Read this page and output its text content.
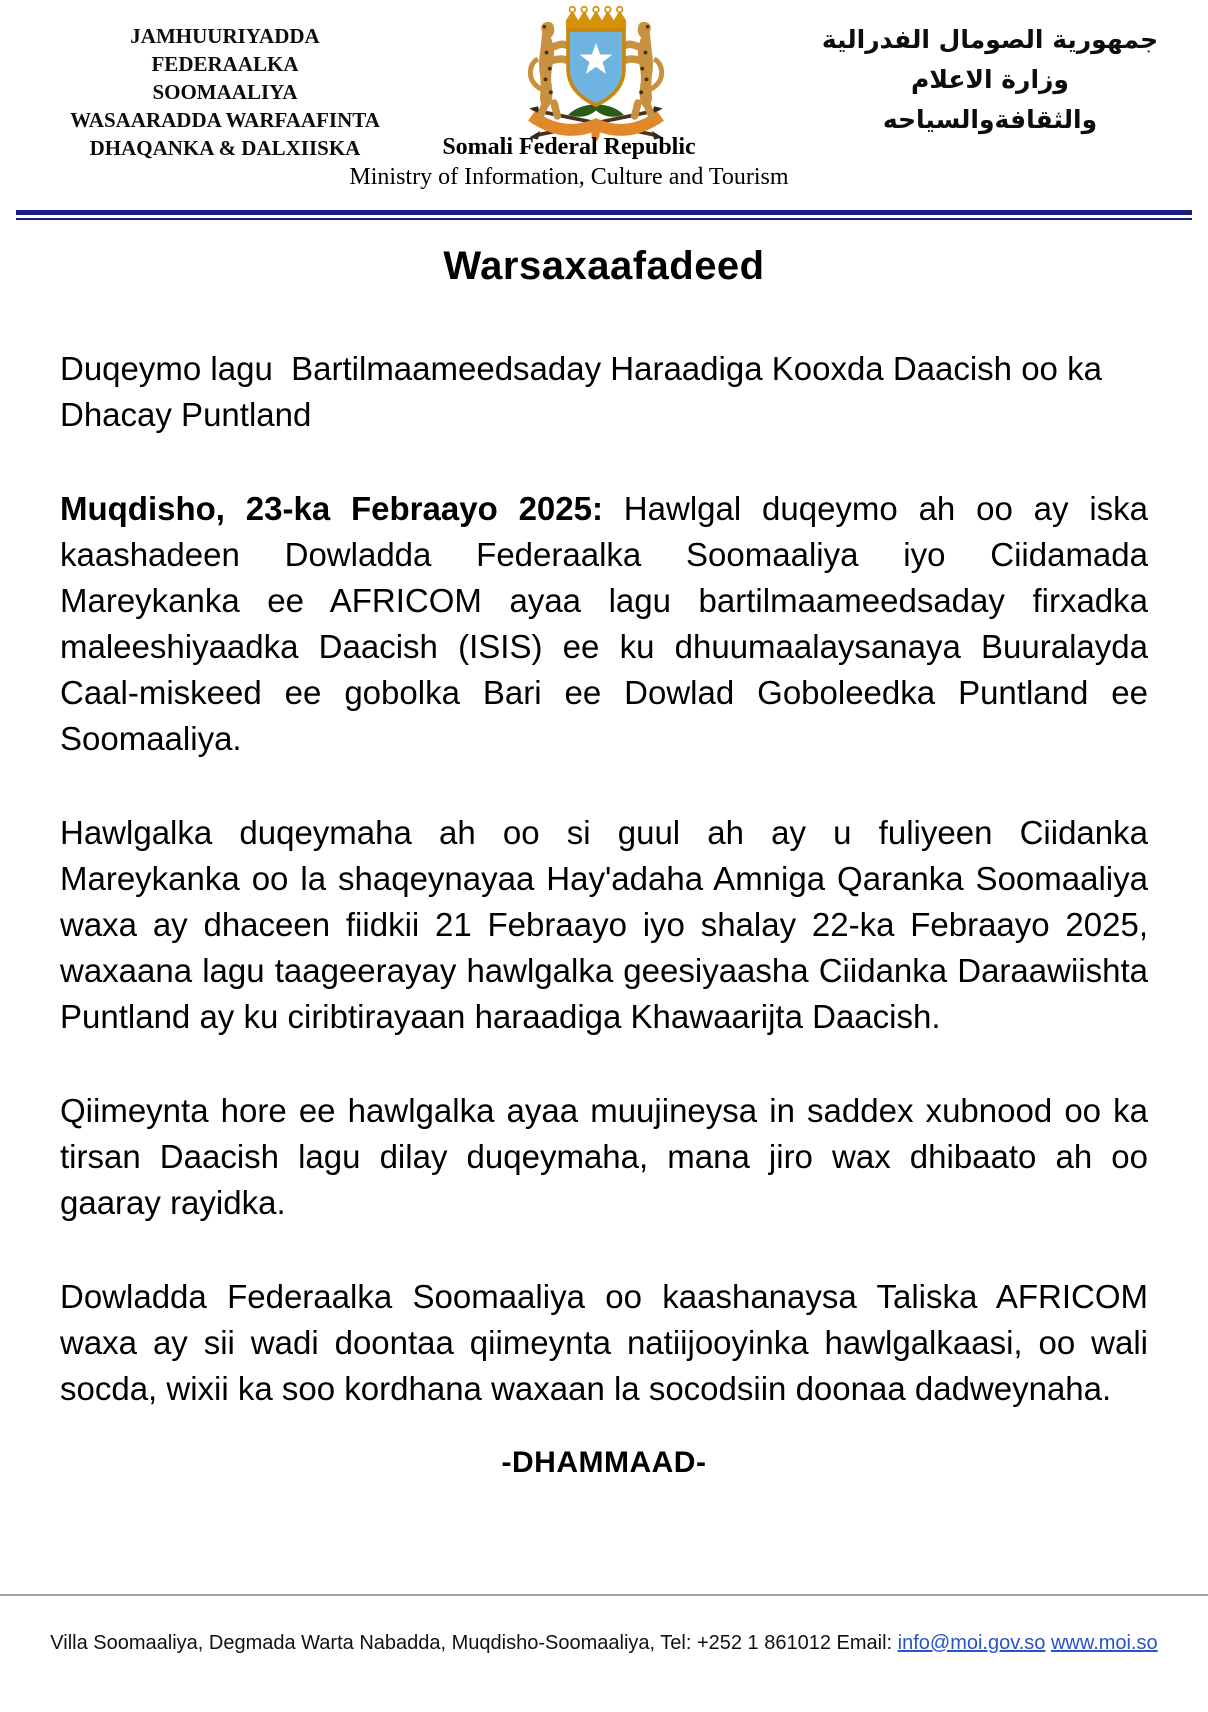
JAMHUURIYADDA FEDERAALKA
SOOMAALIYA
WASAARADDA WARFAAFINTA
DHAQANKA & DALXIISKA	Somali Federal Republic
Ministry of Information, Culture and Tourism
جمهورية الصومال الفدرالية
وزارة الاعلام
والثقافةوالسياحه
Warsaxaafadeed
Duqeymo lagu  Bartilmaameedsaday Haraadiga Kooxda Daacish oo ka Dhacay Puntland

Muqdisho, 23-ka Febraayo 2025: Hawlgal duqeymo ah oo ay iska kaashadeen Dowladda Federaalka Soomaaliya iyo Ciidamada Mareykanka ee AFRICOM ayaa lagu bartilmaameedsaday firxadka maleeshiyaadka Daacish (ISIS) ee ku dhuumaalaysanaya Buuralayda Caal-miskeed ee gobolka Bari ee Dowlad Goboleedka Puntland ee Soomaaliya.

Hawlgalka duqeymaha ah oo si guul ah ay u fuliyeen Ciidanka Mareykanka oo la shaqeynayaa Hay'adaha Amniga Qaranka Soomaaliya waxa ay dhaceen fiidkii 21 Febraayo iyo shalay 22-ka Febraayo 2025, waxaana lagu taageerayay hawlgalka geesiyaasha Ciidanka Daraawiishta Puntland ay ku ciribtirayaan haraadiga Khawaarijta Daacish.

Qiimeynta hore ee hawlgalka ayaa muujineysa in saddex xubnood oo ka tirsan Daacish lagu dilay duqeymaha, mana jiro wax dhibaato ah oo gaaray rayidka.

Dowladda Federaalka Soomaaliya oo kaashanaysa Taliska AFRICOM waxa ay sii wadi doontaa qiimeynta natiijooyinka hawlgalkaasi, oo wali socda, wixii ka soo kordhana waxaan la socodsiin doonaa dadweynaha.

-DHAMMAAD-
Villa Soomaaliya, Degmada Warta Nabadda, Muqdisho-Soomaaliya, Tel: +252 1 861012 Email: info@moi.gov.so www.moi.so
